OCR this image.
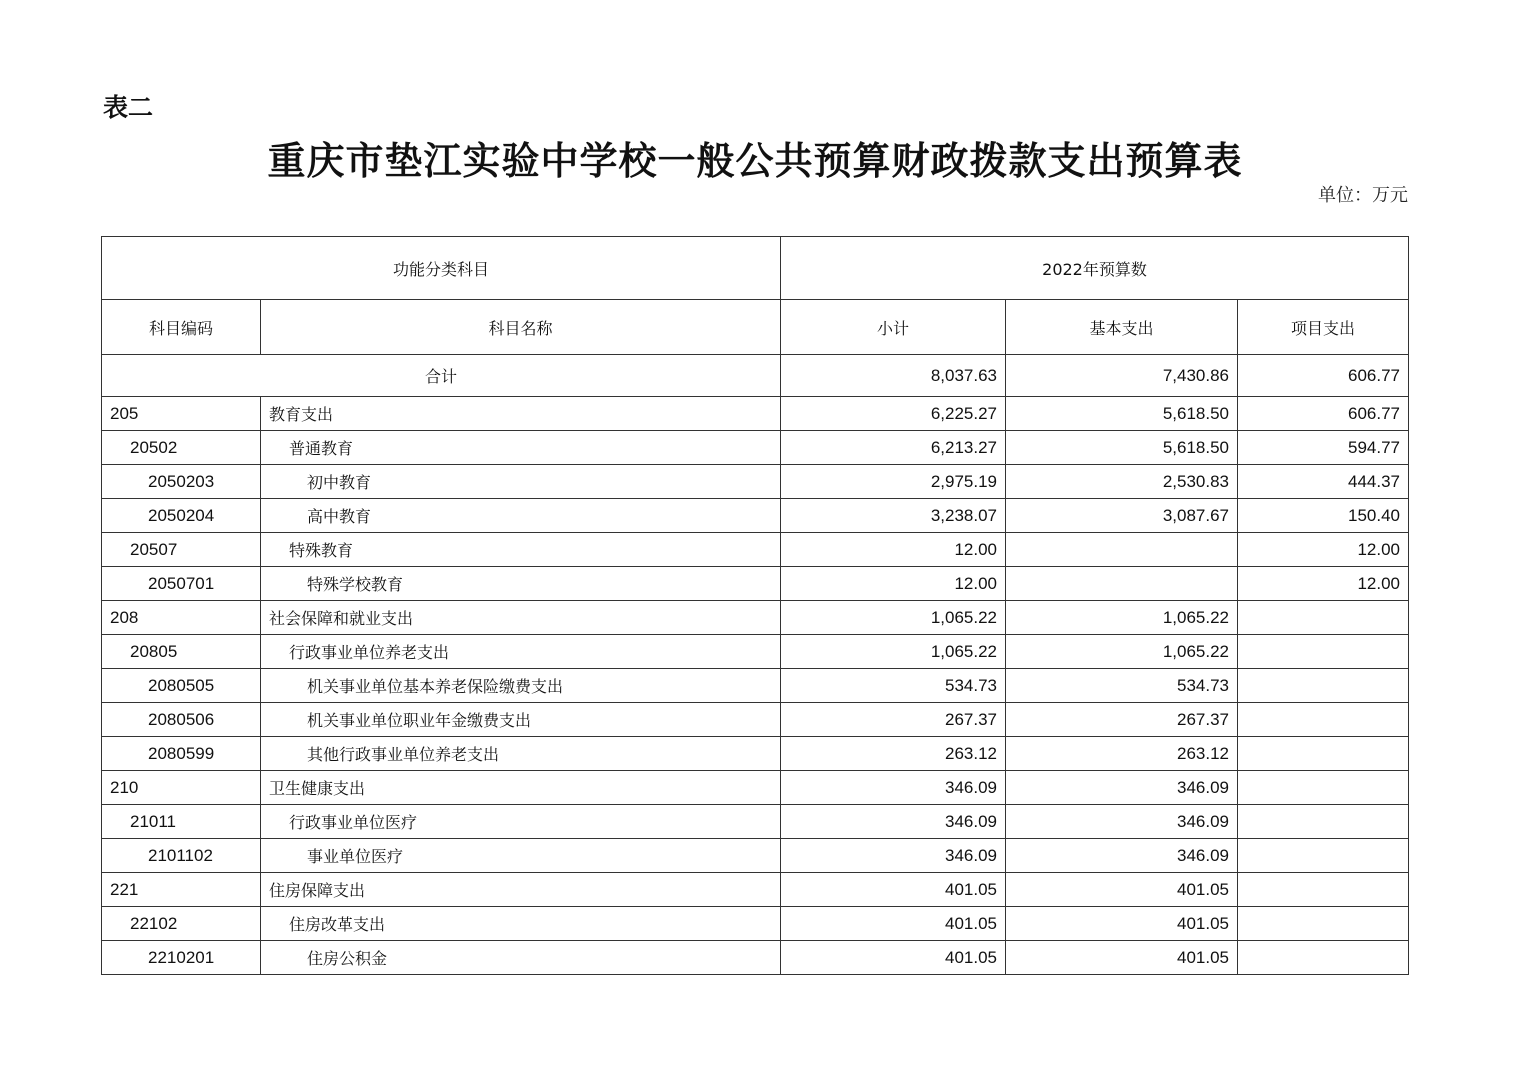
表二
重庆市垫江实验中学校一般公共预算财政拨款支出预算表
单位：万元
功能分类科目		2022年预算数		
科目编码	科目名称	小计	基本支出	项目支出
合计		8,037.63	7,430.86	606.77
205	教育支出	6,225.27	5,618.50	606.77
20502	普通教育	6,213.27	5,618.50	594.77
2050203	初中教育	2,975.19	2,530.83	444.37
2050204	高中教育	3,238.07	3,087.67	150.40
20507	特殊教育	12.00		12.00
2050701	特殊学校教育	12.00		12.00
208	社会保障和就业支出	1,065.22	1,065.22	
20805	行政事业单位养老支出	1,065.22	1,065.22	
2080505	机关事业单位基本养老保险缴费支出	534.73	534.73	
2080506	机关事业单位职业年金缴费支出	267.37	267.37	
2080599	其他行政事业单位养老支出	263.12	263.12	
210	卫生健康支出	346.09	346.09	
21011	行政事业单位医疗	346.09	346.09	
2101102	事业单位医疗	346.09	346.09	
221	住房保障支出	401.05	401.05	
22102	住房改革支出	401.05	401.05	
2210201	住房公积金	401.05	401.05	
